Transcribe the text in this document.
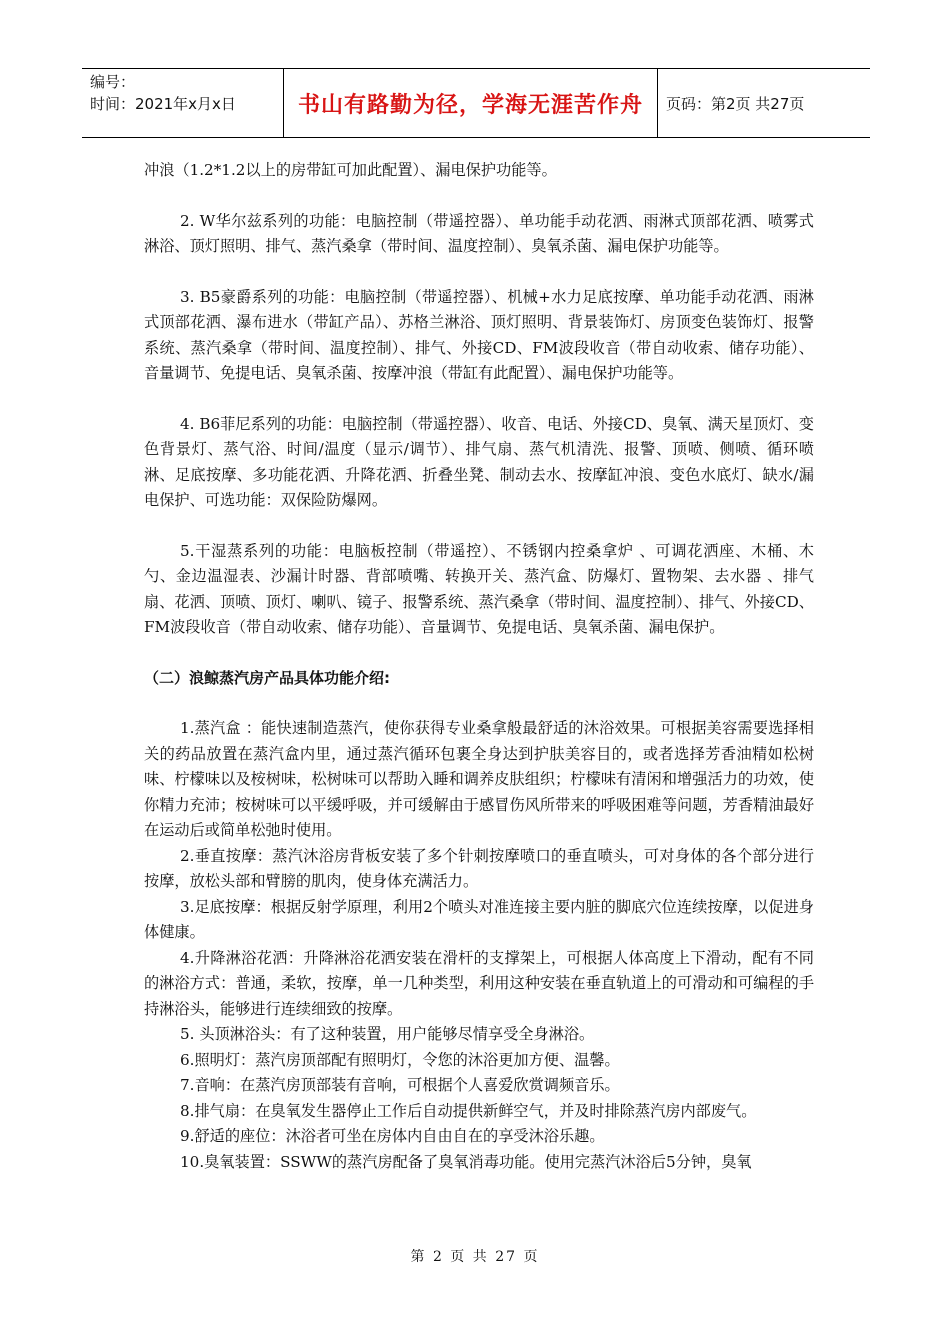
编号：
时间：2021年x月x日	书山有路勤为径，学海无涯苦作舟	页码：第2页 共27页

冲浪（1.2*1.2以上的房带缸可加此配置）、漏电保护功能等。

2. W华尔兹系列的功能：电脑控制（带遥控器）、单功能手动花洒、雨淋式顶部花洒、喷雾式淋浴、顶灯照明、排气、蒸汽桑拿（带时间、温度控制）、臭氧杀菌、漏电保护功能等。

3. B5豪爵系列的功能：电脑控制（带遥控器）、机械+水力足底按摩、单功能手动花洒、雨淋式顶部花洒、瀑布进水（带缸产品）、苏格兰淋浴、顶灯照明、背景装饰灯、房顶变色装饰灯、报警系统、蒸汽桑拿（带时间、温度控制）、排气、外接CD、FM波段收音（带自动收索、储存功能）、音量调节、免提电话、臭氧杀菌、按摩冲浪（带缸有此配置）、漏电保护功能等。

4. B6菲尼系列的功能：电脑控制（带遥控器）、收音、电话、外接CD、臭氧、满天星顶灯、变色背景灯、蒸气浴、时间/温度（显示/调节）、排气扇、蒸气机清洗、报警、顶喷、侧喷、循环喷淋、足底按摩、多功能花洒、升降花洒、折叠坐凳、制动去水、按摩缸冲浪、变色水底灯、缺水/漏电保护、可选功能：双保险防爆网。

5.干湿蒸系列的功能：电脑板控制（带遥控）、不锈钢内控桑拿炉 、可调花洒座、木桶、木勺、金边温湿表、沙漏计时器、背部喷嘴、转换开关、蒸汽盒、防爆灯、置物架、去水器 、排气扇、花洒、顶喷、顶灯、喇叭、镜子、报警系统、蒸汽桑拿（带时间、温度控制）、排气、外接CD、FM波段收音（带自动收索、储存功能）、音量调节、免提电话、臭氧杀菌、漏电保护。

（二）浪鲸蒸汽房产品具体功能介绍:

1.蒸汽盒 ：能快速制造蒸汽，使你获得专业桑拿般最舒适的沐浴效果。可根据美容需要选择相关的药品放置在蒸汽盒内里，通过蒸汽循环包裹全身达到护肤美容目的，或者选择芳香油精如松树味、柠檬味以及桉树味，松树味可以帮助入睡和调养皮肤组织；柠檬味有清闲和增强活力的功效，使你精力充沛；桉树味可以平缓呼吸，并可缓解由于感冒伤风所带来的呼吸困难等问题，芳香精油最好在运动后或简单松弛时使用。

2.垂直按摩：蒸汽沐浴房背板安装了多个针刺按摩喷口的垂直喷头，可对身体的各个部分进行按摩，放松头部和臂膀的肌肉，使身体充满活力。

3.足底按摩：根据反射学原理，利用2个喷头对准连接主要内脏的脚底穴位连续按摩，以促进身体健康。

4.升降淋浴花洒：升降淋浴花洒安装在滑杆的支撑架上，可根据人体高度上下滑动，配有不同的淋浴方式：普通，柔软，按摩，单一几种类型，利用这种安装在垂直轨道上的可滑动和可编程的手持淋浴头，能够进行连续细致的按摩。

5. 头顶淋浴头：有了这种装置，用户能够尽情享受全身淋浴。

6.照明灯：蒸汽房顶部配有照明灯，令您的沐浴更加方便、温馨。

7.音响：在蒸汽房顶部装有音响，可根据个人喜爱欣赏调频音乐。

8.排气扇：在臭氧发生器停止工作后自动提供新鲜空气，并及时排除蒸汽房内部废气。

9.舒适的座位：沐浴者可坐在房体内自由自在的享受沐浴乐趣。

10.臭氧装置：SSWW的蒸汽房配备了臭氧消毒功能。使用完蒸汽沐浴后5分钟，臭氧

第 2 页 共 27 页
